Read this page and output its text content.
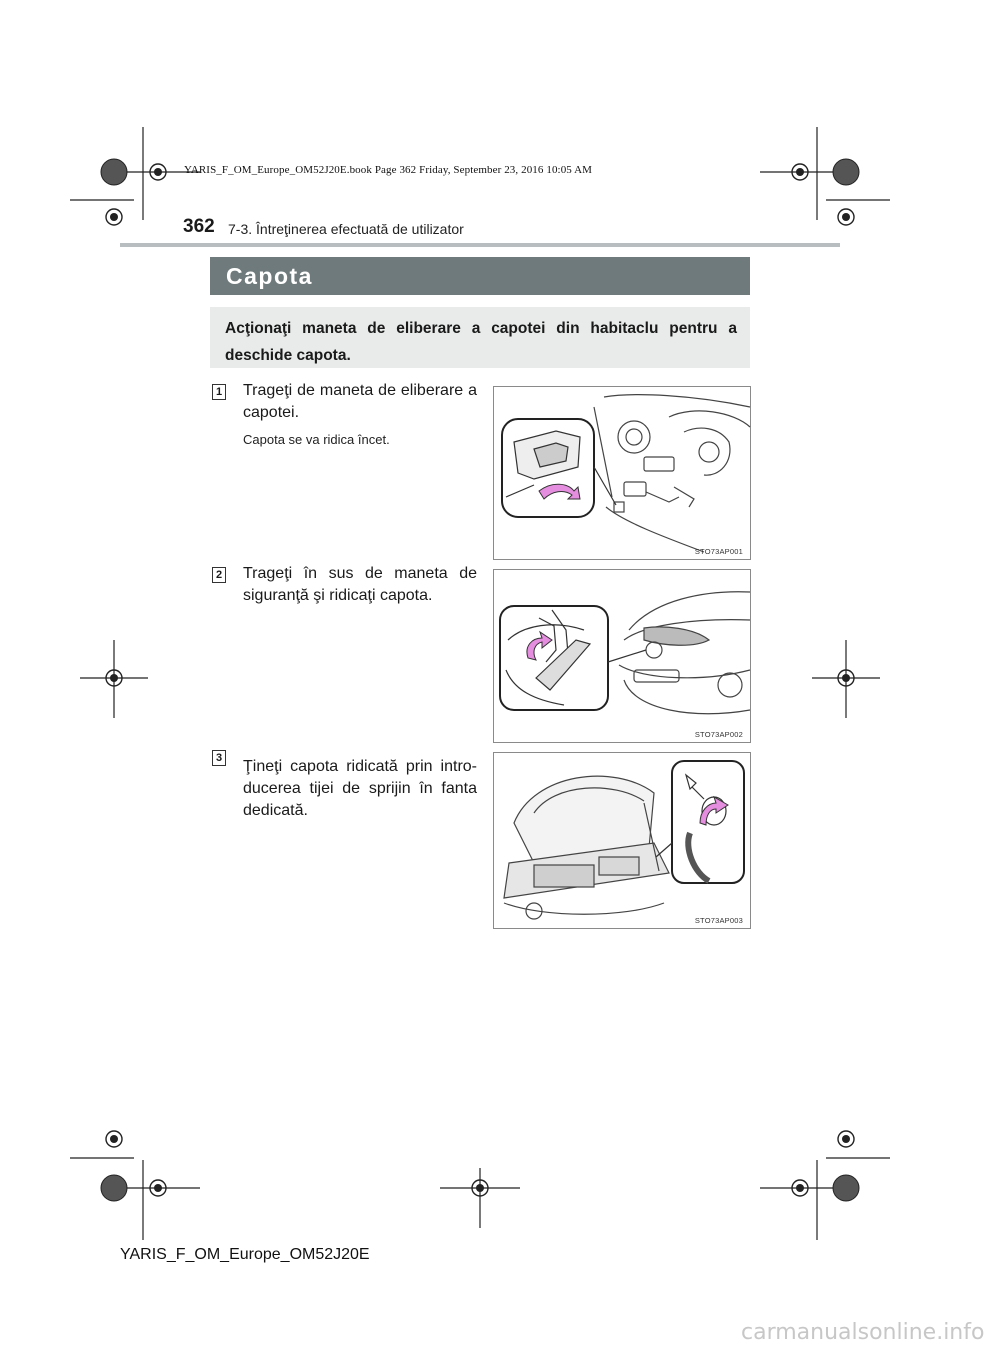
YARIS_F_OM_Europe_OM52J20E.book Page 362 Friday, September 23, 2016 10:05 AM
362 7-3. Întreţinerea efectuată de utilizator
Capota
Acţionaţi maneta de eliberare a capotei din habitaclu pentru a deschide capota.
1 Trageţi de maneta de eliberare a capotei.
Capota se va ridica încet.
STO73AP001
2 Trageţi în sus de maneta de siguranţă şi ridicaţi capota.
STO73AP002
3 Ţineţi capota ridicată prin intro-ducerea tijei de sprijin în fanta dedicată.
STO73AP003
YARIS_F_OM_Europe_OM52J20E
carmanualsonline.info
